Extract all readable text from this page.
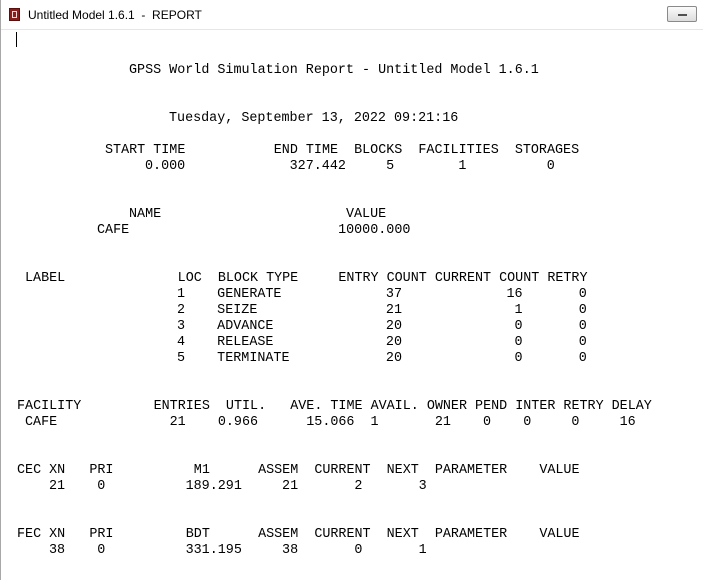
Untitled Model 1.6.1  -  REPORT
GPSS World Simulation Report - Untitled Model 1.6.1
Tuesday, September 13, 2022 09:21:16
START TIME           END TIME  BLOCKS  FACILITIES  STORAGES
0.000             327.442     5        1          0
NAME                       VALUE
CAFE                          10000.000
LABEL              LOC  BLOCK TYPE     ENTRY COUNT CURRENT COUNT RETRY
1    GENERATE             37             16       0
2    SEIZE                21              1       0
3    ADVANCE              20              0       0
4    RELEASE              20              0       0
5    TERMINATE            20              0       0
FACILITY         ENTRIES  UTIL.   AVE. TIME AVAIL. OWNER PEND INTER RETRY DELAY
CAFE              21    0.966      15.066  1       21    0    0     0     16
CEC XN   PRI          M1      ASSEM  CURRENT  NEXT  PARAMETER    VALUE
21    0          189.291     21       2       3
FEC XN   PRI         BDT      ASSEM  CURRENT  NEXT  PARAMETER    VALUE
38    0          331.195     38       0       1
